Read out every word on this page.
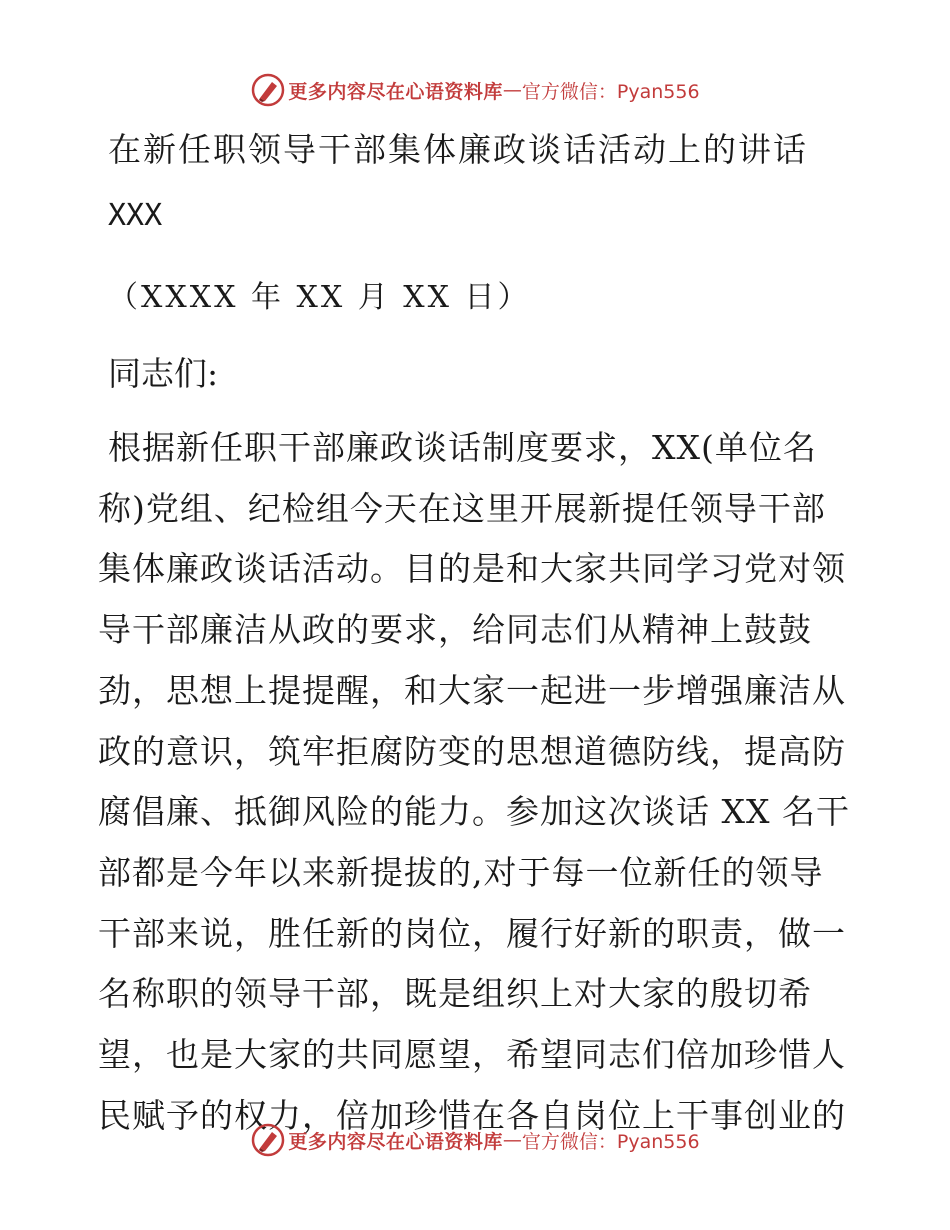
更多内容尽在心语资料库 — 官方微信：Pyan556
在新任职领导干部集体廉政谈话活动上的讲话
XXX
（XXXX 年 XX 月 XX 日）
同志们:

根据新任职干部廉政谈话制度要求，XX(单位名称)党组、纪检组今天在这里开展新提任领导干部集体廉政谈话活动。目的是和大家共同学习党对领导干部廉洁从政的要求，给同志们从精神上鼓鼓劲，思想上提提醒，和大家一起进一步增强廉洁从政的意识，筑牢拒腐防变的思想道德防线，提高防腐倡廉、抵御风险的能力。参加这次谈话 XX 名干部都是今年以来新提拔的,对于每一位新任的领导干部来说，胜任新的岗位，履行好新的职责，做一名称职的领导干部，既是组织上对大家的殷切希望，也是大家的共同愿望，希望同志们倍加珍惜人民赋予的权力，倍加珍惜在各自岗位上干事创业的

更多内容尽在心语资料库 — 官方微信：Pyan556
